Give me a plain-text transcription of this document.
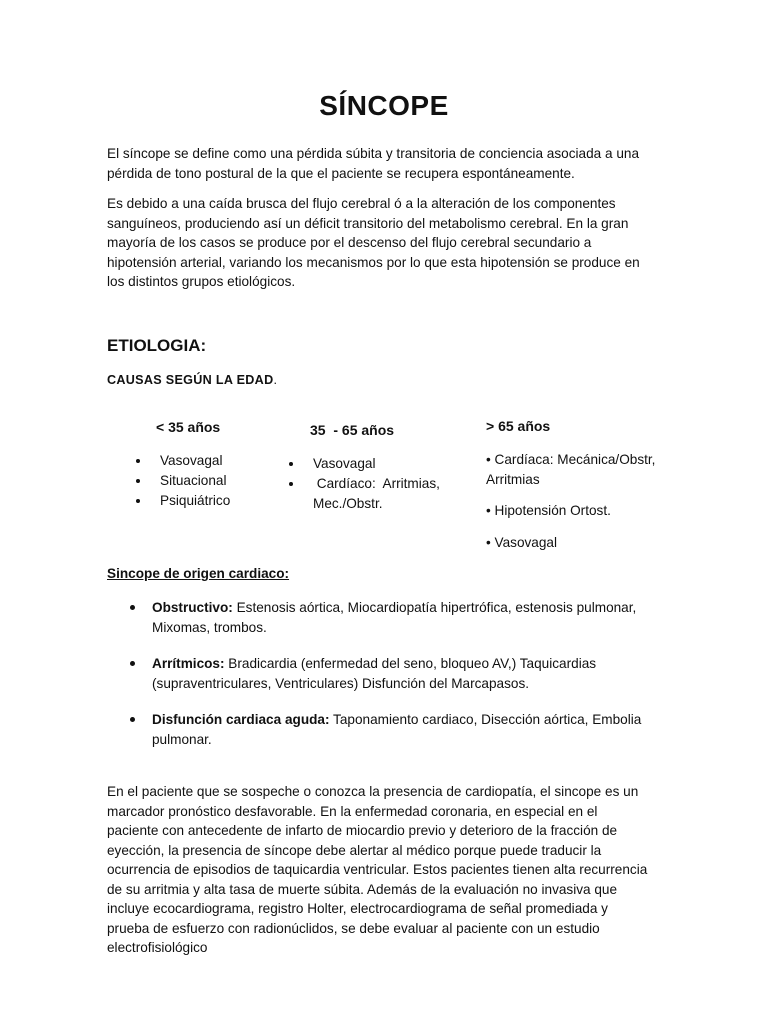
SÍNCOPE

El síncope se define como una pérdida súbita y transitoria de conciencia asociada a una pérdida de tono postural de la que el paciente se recupera espontáneamente.

Es debido a una caída brusca del flujo cerebral ó a la alteración de los componentes sanguíneos, produciendo así un déficit transitorio del metabolismo cerebral. En la gran mayoría de los casos se produce por el descenso del flujo cerebral secundario a hipotensión arterial, variando los mecanismos por lo que esta hipotensión se produce en los distintos grupos etiológicos.

ETIOLOGIA:
CAUSAS SEGÚN LA EDAD.
< 35 años
Vasovagal
Situacional
Psiquiátrico
35  - 65 años
Vasovagal
Cardíaco:  Arritmias, Mec./Obstr.
> 65 años

• Cardíaca: Mecánica/Obstr, Arritmias

• Hipotensión Ortost.

• Vasovagal

Sincope de origen cardiaco:
Obstructivo: Estenosis aórtica, Miocardiopatía hipertrófica, estenosis pulmonar, Mixomas, trombos.
Arrítmicos: Bradicardia (enfermedad del seno, bloqueo AV,) Taquicardias (supraventriculares, Ventriculares) Disfunción del Marcapasos.
Disfunción cardiaca aguda: Taponamiento cardiaco, Disección aórtica, Embolia pulmonar.

En el paciente que se sospeche o conozca la presencia de cardiopatía, el sincope es un marcador pronóstico desfavorable. En la enfermedad coronaria, en especial en el paciente con antecedente de infarto de miocardio previo y deterioro de la fracción de eyección, la presencia de síncope debe alertar al médico porque puede traducir la ocurrencia de episodios de taquicardia ventricular. Estos pacientes tienen alta recurrencia de su arritmia y alta tasa de muerte súbita. Además de la evaluación no invasiva que incluye ecocardiograma, registro Holter, electrocardiograma de señal promediada y prueba de esfuerzo con radionúclidos, se debe evaluar al paciente con un estudio electrofisiológico
